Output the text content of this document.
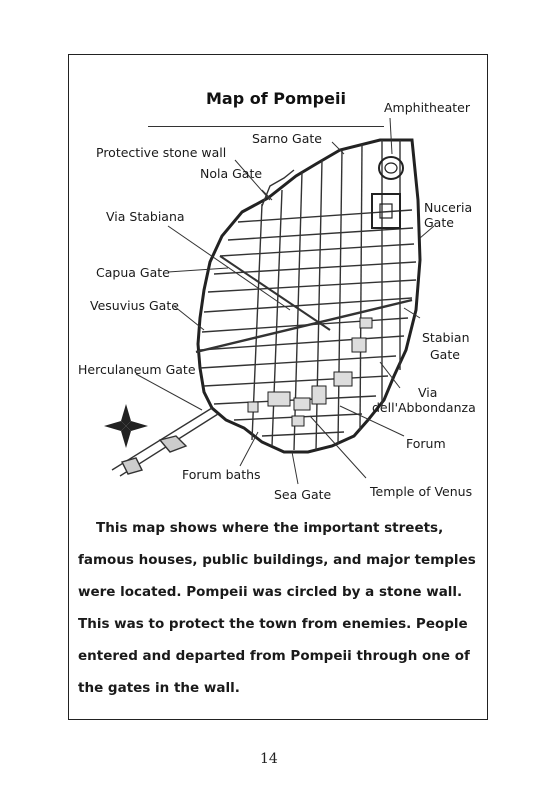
Map of Pompeii	Amphitheater
Sarno Gate
Protective stone wall
Nola Gate
Nuceria
Gate
Via Stabiana
Capua Gate
Vesuvius Gate
Stabian
Gate
Herculaneum Gate
Via
dell'Abbondanza
Forum
Forum baths
Temple of Venus
Sea Gate

This map shows where the important streets,

famous houses, public buildings, and major temples

were located. Pompeii was circled by a stone wall.

This was to protect the town from enemies. People

entered and departed from Pompeii through one of

the gates in the wall.

14
